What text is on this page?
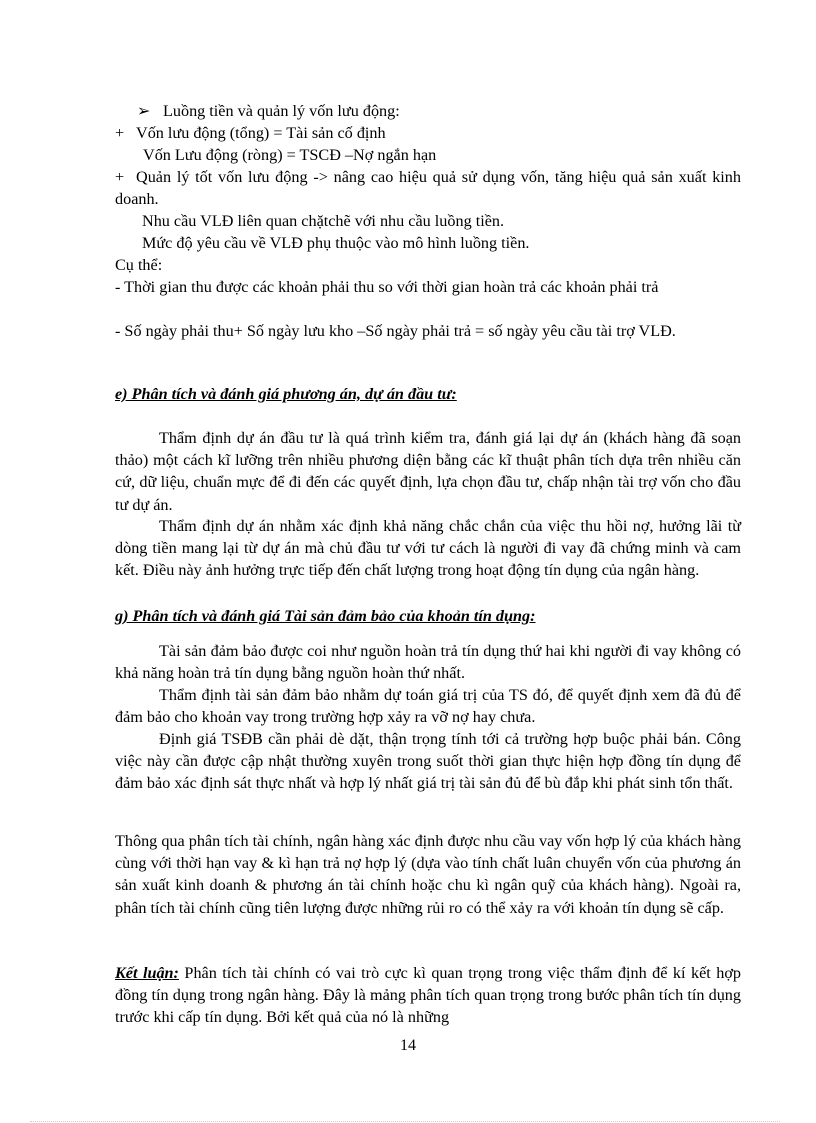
➢ Luồng tiền và quản lý vốn lưu động:

+ Vốn lưu động (tổng) = Tài sản cố định

Vốn Lưu động (ròng) = TSCĐ –Nợ ngắn hạn

+ Quản lý tốt vốn lưu động -> nâng cao hiệu quả sử dụng vốn, tăng hiệu quả sản xuất kinh doanh.

Nhu cầu VLĐ liên quan chặtchẽ với nhu cầu luồng tiền.

Mức độ yêu cầu về VLĐ phụ thuộc vào mô hình luồng tiền.

Cụ thể:

- Thời gian thu được các khoản phải thu so với thời gian hoàn trả các khoản phải trả

- Số ngày phải thu+ Số ngày lưu kho –Số ngày phải trả = số ngày yêu cầu tài trợ VLĐ.

e) Phân tích và đánh giá phương án, dự án đầu tư:

Thẩm định dự án đầu tư là quá trình kiểm tra, đánh giá lại dự án (khách hàng đã soạn thảo) một cách kĩ lưỡng trên nhiều phương diện bằng các kĩ thuật phân tích dựa trên nhiều căn cứ, dữ liệu, chuẩn mực để đi đến các quyết định, lựa chọn đầu tư, chấp nhận tài trợ vốn cho đầu tư dự án.

Thẩm định dự án nhằm xác định khả năng chắc chắn của việc thu hồi nợ, hưởng lãi từ dòng tiền mang lại từ dự án mà chủ đầu tư với tư cách là người đi vay đã chứng minh và cam kết. Điều này ảnh hưởng trực tiếp đến chất lượng trong hoạt động tín dụng của ngân hàng.

g) Phân tích và đánh giá Tài sản đảm bảo của khoản tín dụng:

Tài sản đảm bảo được coi như nguồn hoàn trả tín dụng thứ hai khi người đi vay không có khả năng hoàn trả tín dụng bằng nguồn hoàn thứ nhất.

Thẩm định tài sản đảm bảo nhằm dự toán giá trị của TS đó, để quyết định xem đã đủ để đảm bảo cho khoản vay trong trường hợp xảy ra vỡ nợ hay chưa.

Định giá TSĐB cần phải dè dặt, thận trọng tính tới cả trường hợp buộc phải bán. Công việc này cần được cập nhật thường xuyên trong suốt thời gian thực hiện hợp đồng tín dụng để đảm bảo xác định sát thực nhất và hợp lý nhất giá trị tài sản đủ để bù đắp khi phát sinh tổn thất.

Thông qua phân tích tài chính, ngân hàng xác định được nhu cầu vay vốn hợp lý của khách hàng cùng với thời hạn vay & kì hạn trả nợ hợp lý (dựa vào tính chất luân chuyển vốn của phương án sản xuất kinh doanh & phương án tài chính hoặc chu kì ngân quỹ của khách hàng). Ngoài ra, phân tích tài chính cũng tiên lượng được những rủi ro có thể xảy ra với khoản tín dụng sẽ cấp.

Kết luận: Phân tích tài chính có vai trò cực kì quan trọng trong việc thẩm định để kí kết hợp đồng tín dụng trong ngân hàng. Đây là mảng phân tích quan trọng trong bước phân tích tín dụng trước khi cấp tín dụng. Bởi kết quả của nó là những

14
